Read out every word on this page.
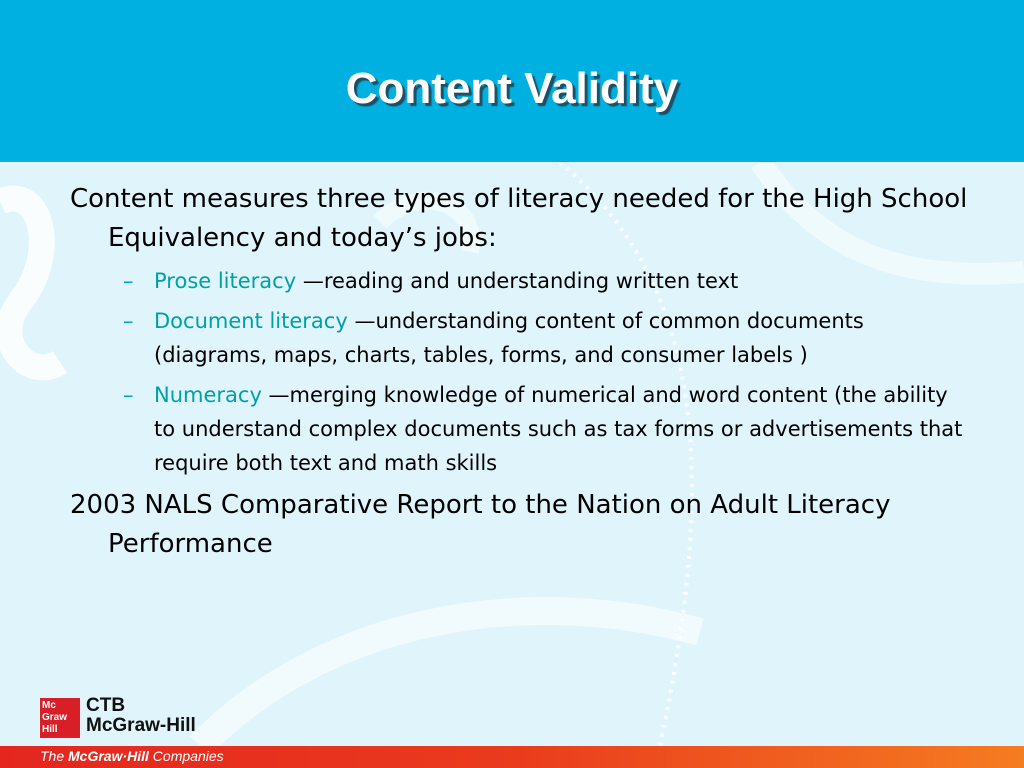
Content Validity

Content measures three types of literacy needed for the High School Equivalency and today’s jobs:

– Prose literacy —reading and understanding written text

– Document literacy —understanding content of common documents (diagrams, maps, charts, tables, forms, and consumer labels )

– Numeracy —merging knowledge of numerical and word content (the ability to understand complex documents such as tax forms or advertisements that require both text and math skills

2003 NALS Comparative Report to the Nation on Adult Literacy Performance

Mc
Graw
Hill
CTB
McGraw-Hill
The McGraw·Hill Companies
